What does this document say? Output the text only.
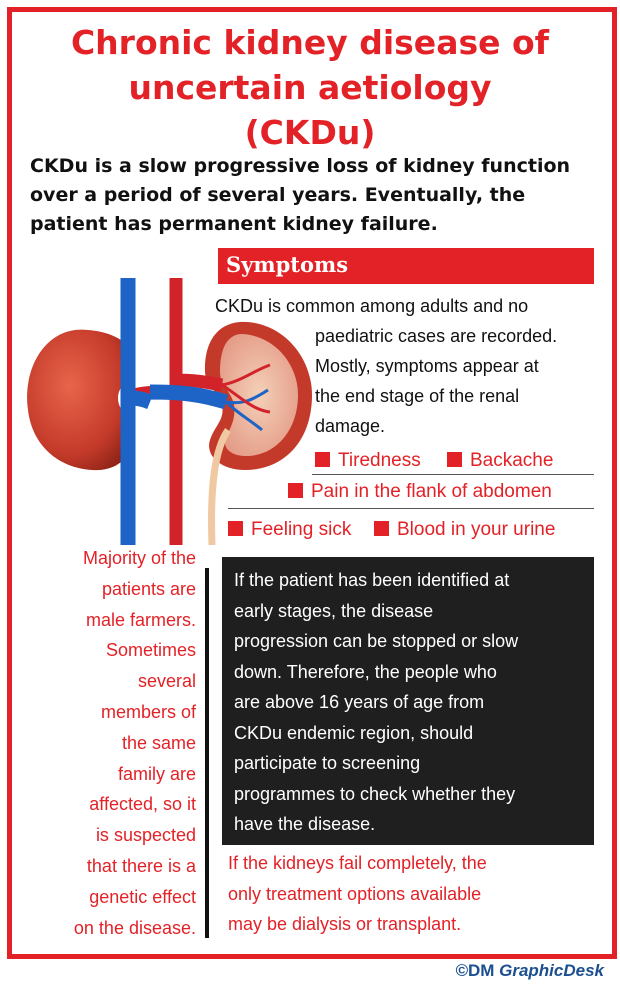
Chronic kidney disease of
uncertain aetiology
(CKDu)
CKDu is a slow progressive loss of kidney function
over a period of several years. Eventually, the
patient has permanent kidney failure.
Symptoms
CKDu is common among adults and no
paediatric cases are recorded.
Mostly, symptoms appear at
the end stage of the renal
damage.
Tiredness	Backache
Pain in the flank of abdomen
Feeling sick	Blood in your urine
Majority of the
patients are
male farmers.
Sometimes
several
members of
the same
family are
affected, so it
is suspected
that there is a
genetic effect
on the disease.
If the patient has been identified at
early stages, the disease
progression can be stopped or slow
down. Therefore, the people who
are above 16 years of age from
CKDu endemic region, should
participate to screening
programmes to check whether they
have the disease.
If the kidneys fail completely, the
only treatment options available
may be dialysis or transplant.
©DM GraphicDesk
